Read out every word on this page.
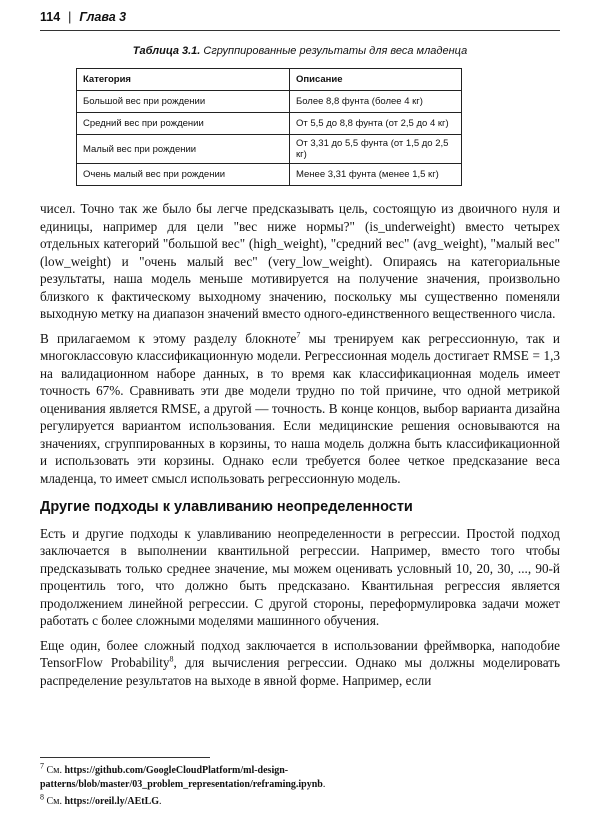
114 | Глава 3
Таблица 3.1. Сгруппированные результаты для веса младенца
Категория	Описание
Большой вес при рождении	Более 8,8 фунта (более 4 кг)
Средний вес при рождении	От 5,5 до 8,8 фунта (от 2,5 до 4 кг)
Малый вес при рождении	От 3,31 до 5,5 фунта (от 1,5 до 2,5 кг)
Очень малый вес при рождении	Менее 3,31 фунта (менее 1,5 кг)

чисел. Точно так же было бы легче предсказывать цель, состоящую из двоичного нуля и единицы, например для цели "вес ниже нормы?" (is_underweight) вместо четырех отдельных категорий "большой вес" (high_weight), "средний вес" (avg_weight), "малый вес" (low_weight) и "очень малый вес" (very_low_weight). Опираясь на категориальные результаты, наша модель меньше мотивируется на получение значения, произвольно близкого к фактическому выходному значению, поскольку мы существенно поменяли выходную метку на диапазон значений вместо одного-единственного вещественного числа.

В прилагаемом к этому разделу блокноте$^7$ мы тренируем как регрессионную, так и многоклассовую классификационную модели. Регрессионная модель достигает RMSE = 1,3 на валидационном наборе данных, в то время как классификационная модель имеет точность 67%. Сравнивать эти две модели трудно по той причине, что одной метрикой оценивания является RMSE, а другой — точность. В конце концов, выбор варианта дизайна регулируется вариантом использования. Если медицинские решения основываются на значениях, сгруппированных в корзины, то наша модель должна быть классификационной и использовать эти корзины. Однако если требуется более четкое предсказание веса младенца, то имеет смысл использовать регрессионную модель.

Другие подходы к улавливанию неопределенности

Есть и другие подходы к улавливанию неопределенности в регрессии. Простой подход заключается в выполнении квантильной регрессии. Например, вместо того чтобы предсказывать только среднее значение, мы можем оценивать условный 10, 20, 30, ..., 90-й процентиль того, что должно быть предсказано. Квантильная регрессия является продолжением линейной регрессии. С другой стороны, переформулировка задачи может работать с более сложными моделями машинного обучения.

Еще один, более сложный подход заключается в использовании фреймворка, наподобие TensorFlow Probability$^8$, для вычисления регрессии. Однако мы должны моделировать распределение результатов на выходе в явной форме. Например, если

$^7$ См. https://github.com/GoogleCloudPlatform/ml-design-patterns/blob/master/03_problem_representation/reframing.ipynb.
$^8$ См. https://oreil.ly/AEtLG.
